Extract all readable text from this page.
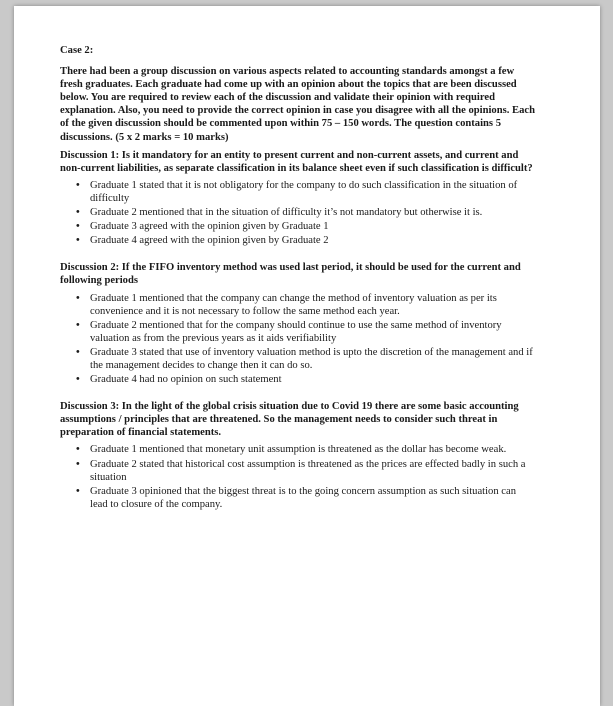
Case 2:

There had been a group discussion on various aspects related to accounting standards amongst a few fresh graduates. Each graduate had come up with an opinion about the topics that are been discussed below. You are required to review each of the discussion and validate their opinion with required explanation. Also, you need to provide the correct opinion in case you disagree with all the opinions. Each of the given discussion should be commented upon within 75 – 150 words. The question contains 5 discussions. (5 x 2 marks = 10 marks)

Discussion 1: Is it mandatory for an entity to present current and non-current assets, and current and non-current liabilities, as separate classification in its balance sheet even if such classification is difficult?

• Graduate 1 stated that it is not obligatory for the company to do such classification in the situation of difficulty
• Graduate 2 mentioned that in the situation of difficulty it’s not mandatory but otherwise it is.
• Graduate 3 agreed with the opinion given by Graduate 1
• Graduate 4 agreed with the opinion given by Graduate 2

Discussion 2: If the FIFO inventory method was used last period, it should be used for the current and following periods

• Graduate 1 mentioned that the company can change the method of inventory valuation as per its convenience and it is not necessary to follow the same method each year.
• Graduate 2 mentioned that for the company should continue to use the same method of inventory valuation as from the previous years as it aids verifiability
• Graduate 3 stated that use of inventory valuation method is upto the discretion of the management and if the management decides to change then it can do so.
• Graduate 4 had no opinion on such statement

Discussion 3: In the light of the global crisis situation due to Covid 19 there are some basic accounting assumptions / principles that are threatened. So the management needs to consider such threat in preparation of financial statements.

• Graduate 1 mentioned that monetary unit assumption is threatened as the dollar has become weak.
• Graduate 2 stated that historical cost assumption is threatened as the prices are effected badly in such a situation
• Graduate 3 opinioned that the biggest threat is to the going concern assumption as such situation can lead to closure of the company.
